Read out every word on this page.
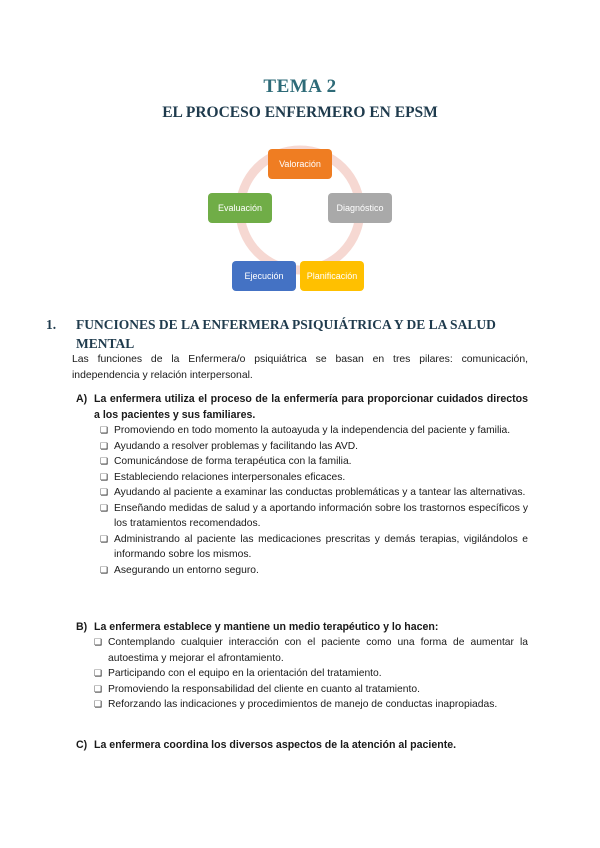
TEMA 2
EL PROCESO ENFERMERO EN EPSM
Valoración
Diagnóstico
Planificación
Ejecución
Evaluación
1. FUNCIONES DE LA ENFERMERA PSIQUIÁTRICA Y DE LA SALUD MENTAL
Las funciones de la Enfermera/o psiquiátrica se basan en tres pilares: comunicación, independencia y relación interpersonal.
A) La enfermera utiliza el proceso de la enfermería para proporcionar cuidados directos a los pacientes y sus familiares.
❏ Promoviendo en todo momento la autoayuda y la independencia del paciente y familia.
❏ Ayudando a resolver problemas y facilitando las AVD.
❏ Comunicándose de forma terapéutica con la familia.
❏ Estableciendo relaciones interpersonales eficaces.
❏ Ayudando al paciente a examinar las conductas problemáticas y a tantear las alternativas.
❏ Enseñando medidas de salud y a aportando información sobre los trastornos específicos y los tratamientos recomendados.
❏ Administrando al paciente las medicaciones prescritas y demás terapias, vigilándolos e informando sobre los mismos.
❏ Asegurando un entorno seguro.
B) La enfermera establece y mantiene un medio terapéutico y lo hacen:
❏ Contemplando cualquier interacción con el paciente como una forma de aumentar la autoestima y mejorar el afrontamiento.
❏ Participando con el equipo en la orientación del tratamiento.
❏ Promoviendo la responsabilidad del cliente en cuanto al tratamiento.
❏ Reforzando las indicaciones y procedimientos de manejo de conductas inapropiadas.
C) La enfermera coordina los diversos aspectos de la atención al paciente.
